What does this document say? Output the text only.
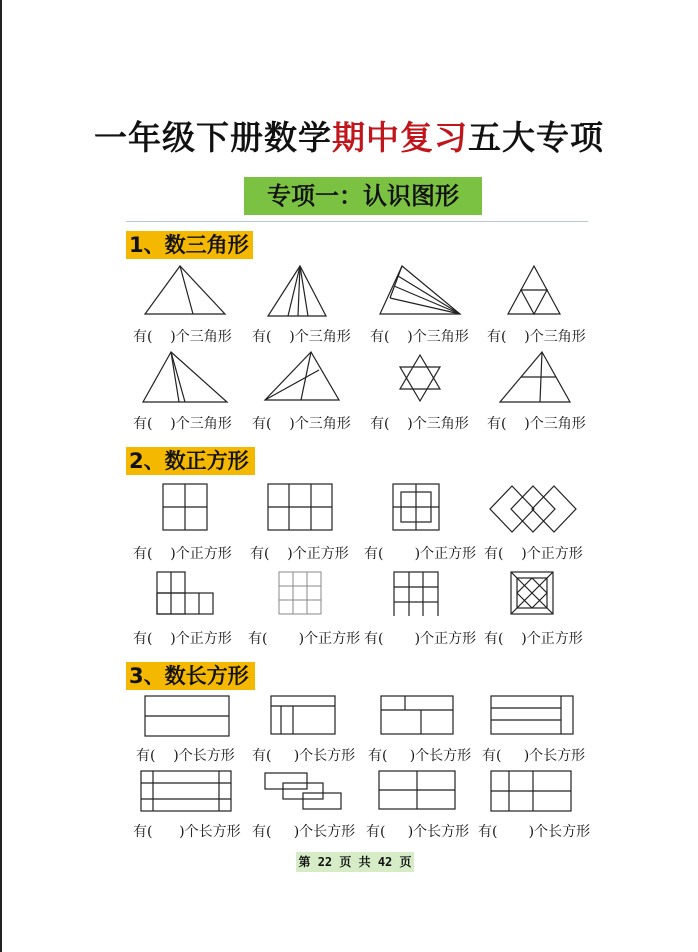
一年级下册数学期中复习五大专项
专项一：认识图形
1、数三角形
有(    )个三角形 有(    )个三角形 有(    )个三角形 有(    )个三角形
有(    )个三角形 有(    )个三角形 有(    )个三角形 有(    )个三角形
2、数正方形
有(    )个正方形 有(    )个正方形 有(       )个正方形 有(    )个正方形
有(    )个正方形 有(       )个正方形 有(       )个正方形 有(    )个正方形
3、数长方形
有(    )个长方形 有(     )个长方形 有(     )个长方形 有(     )个长方形
有(      )个长方形 有(     )个长方形 有(     )个长方形 有(       )个长方形
第 22 页 共 42 页
